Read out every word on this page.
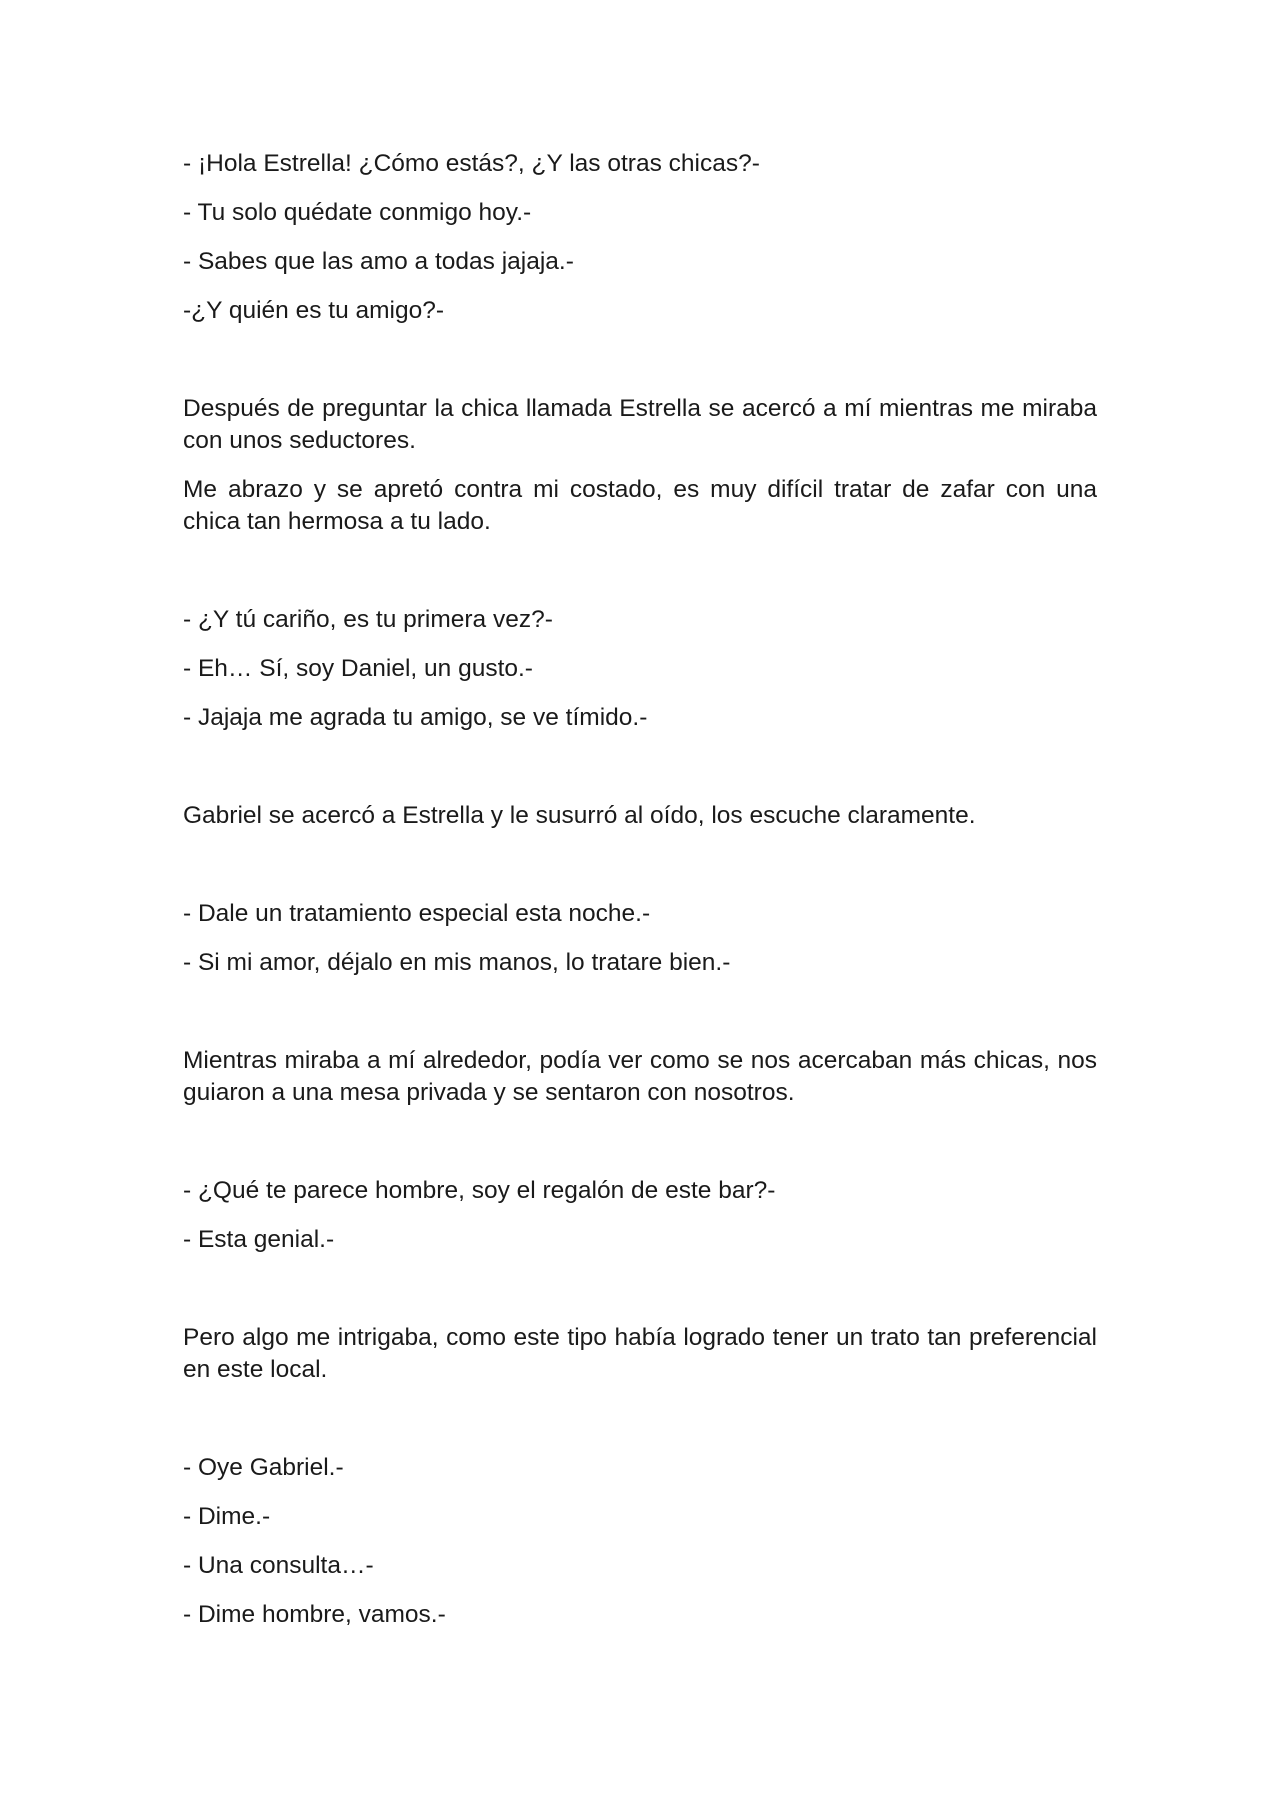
- ¡Hola Estrella! ¿Cómo estás?, ¿Y las otras chicas?-

- Tu solo quédate conmigo hoy.-

- Sabes que las amo a todas jajaja.-

-¿Y quién es tu amigo?-

Después de preguntar la chica llamada Estrella se acercó a mí mientras me miraba con unos seductores.

Me abrazo y se apretó contra mi costado, es muy difícil tratar de zafar con una chica tan hermosa a tu lado.

- ¿Y tú cariño, es tu primera vez?-

- Eh… Sí, soy Daniel, un gusto.-

- Jajaja me agrada tu amigo, se ve tímido.-

Gabriel se acercó a Estrella y le susurró al oído, los escuche claramente.

- Dale un tratamiento especial esta noche.-

- Si mi amor, déjalo en mis manos, lo tratare bien.-

Mientras miraba a mí alrededor, podía ver como se nos acercaban más chicas, nos guiaron a una mesa privada y se sentaron con nosotros.

- ¿Qué te parece hombre, soy el regalón de este bar?-

- Esta genial.-

Pero algo me intrigaba, como este tipo había logrado tener un trato tan preferencial en este local.

- Oye Gabriel.-

- Dime.-

- Una consulta…-

- Dime hombre, vamos.-
